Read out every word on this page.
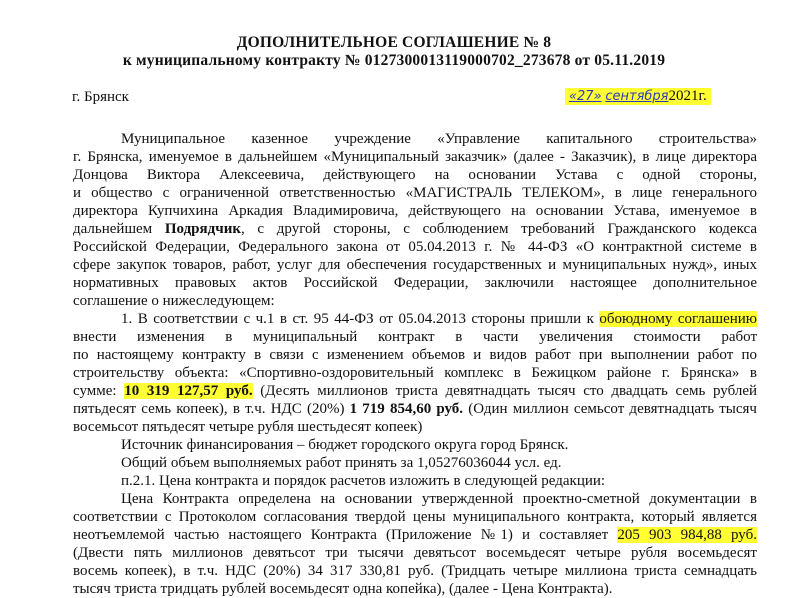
ДОПОЛНИТЕЛЬНОЕ СОГЛАШЕНИЕ № 8
к муниципальному контракту № 0127300013119000702_273678 от 05.11.2019
г. Брянск	«27» сентября2021г.
Муниципальное казенное учреждение «Управление капитального строительства»
г. Брянска, именуемое в дальнейшем «Муниципальный заказчик» (далее - Заказчик), в лице директора
Донцова Виктора Алексеевича, действующего на основании Устава с одной стороны,
и общество с ограниченной ответственностью «МАГИСТРАЛЬ ТЕЛЕКОМ», в лице генерального
директора Купчихина Аркадия Владимировича, действующего на основании Устава, именуемое в
дальнейшем Подрядчик, с другой стороны, с соблюдением требований Гражданского кодекса
Российской Федерации, Федерального закона от 05.04.2013 г. № 44-ФЗ «О контрактной системе в
сфере закупок товаров, работ, услуг для обеспечения государственных и муниципальных нужд», иных
нормативных правовых актов Российской Федерации, заключили настоящее дополнительное
соглашение о нижеследующем:
1. В соответствии с ч.1 в ст. 95 44-ФЗ от 05.04.2013 стороны пришли к обоюдному соглашению
внести изменения в муниципальный контракт в части увеличения стоимости работ
по настоящему контракту в связи с изменением объемов и видов работ при выполнении работ по
строительству объекта: «Спортивно-оздоровительный комплекс в Бежицком районе г. Брянска» в
сумме: 10 319 127,57 руб. (Десять миллионов триста девятнадцать тысяч сто двадцать семь рублей
пятьдесят семь копеек), в т.ч. НДС (20%) 1 719 854,60 руб. (Один миллион семьсот девятнадцать тысяч
восемьсот пятьдесят четыре рубля шестьдесят копеек)
Источник финансирования – бюджет городского округа город Брянск.
Общий объем выполняемых работ принять за 1,05276036044 усл. ед.
п.2.1. Цена контракта и порядок расчетов изложить в следующей редакции:
Цена Контракта определена на основании утвержденной проектно-сметной документации в
соответствии с Протоколом согласования твердой цены муниципального контракта, который является
неотъемлемой частью настоящего Контракта (Приложение №1) и составляет 205 903 984,88 руб.
(Двести пять миллионов девятьсот три тысячи девятьсот восемьдесят четыре рубля восемьдесят
восемь копеек), в т.ч. НДС (20%) 34 317 330,81 руб. (Тридцать четыре миллиона триста семнадцать
тысяч триста тридцать рублей восемьдесят одна копейка), (далее - Цена Контракта).
